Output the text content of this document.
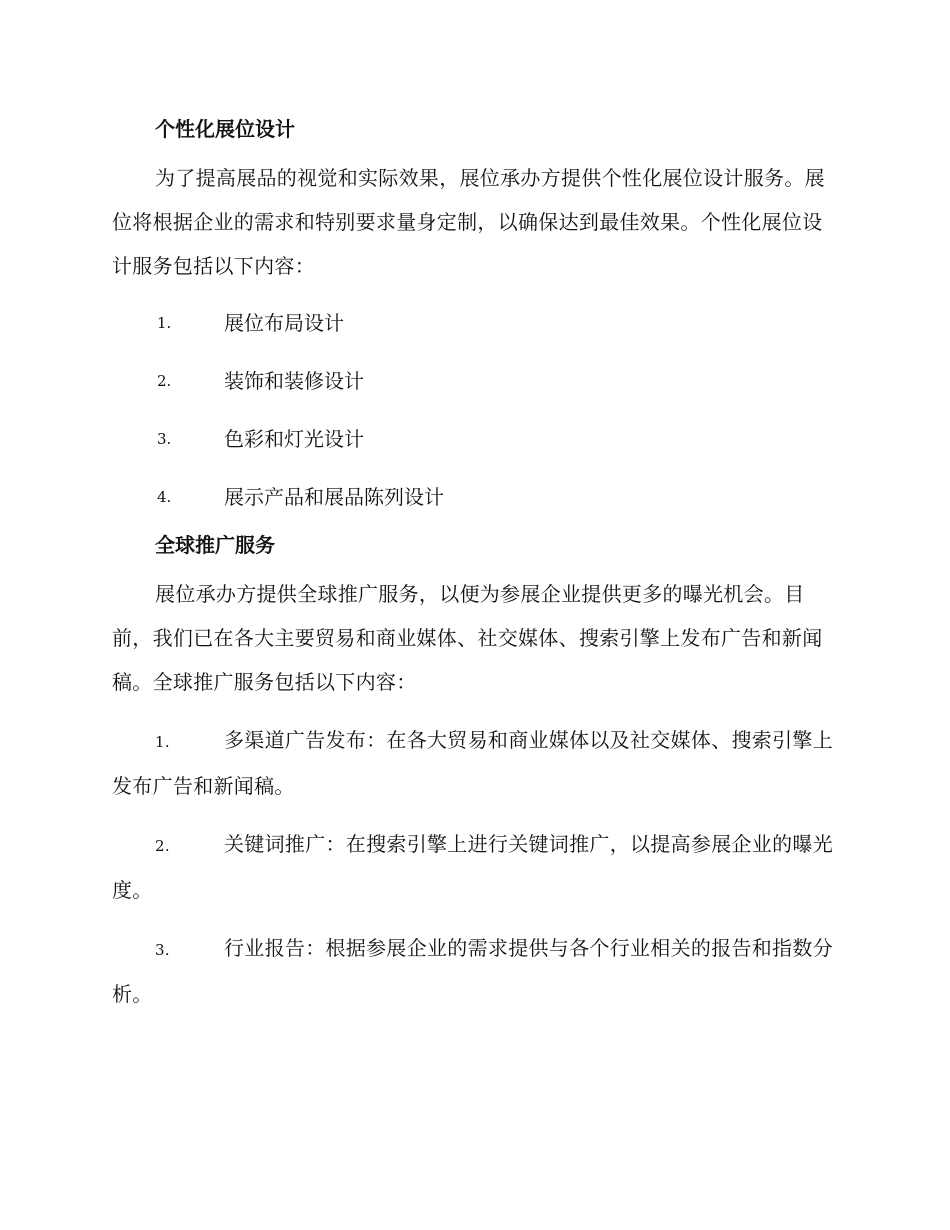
个性化展位设计

为了提高展品的视觉和实际效果，展位承办方提供个性化展位设计服务。展位将根据企业的需求和特别要求量身定制，以确保达到最佳效果。个性化展位设计服务包括以下内容：

1.	展位布局设计
2.	装饰和装修设计
3.	色彩和灯光设计
4.	展示产品和展品陈列设计
全球推广服务

展位承办方提供全球推广服务，以便为参展企业提供更多的曝光机会。目前，我们已在各大主要贸易和商业媒体、社交媒体、搜索引擎上发布广告和新闻稿。全球推广服务包括以下内容：

1.	多渠道广告发布：在各大贸易和商业媒体以及社交媒体、搜索引擎上发布广告和新闻稿。

2.	关键词推广：在搜索引擎上进行关键词推广，以提高参展企业的曝光度。

3.	行业报告：根据参展企业的需求提供与各个行业相关的报告和指数分析。
